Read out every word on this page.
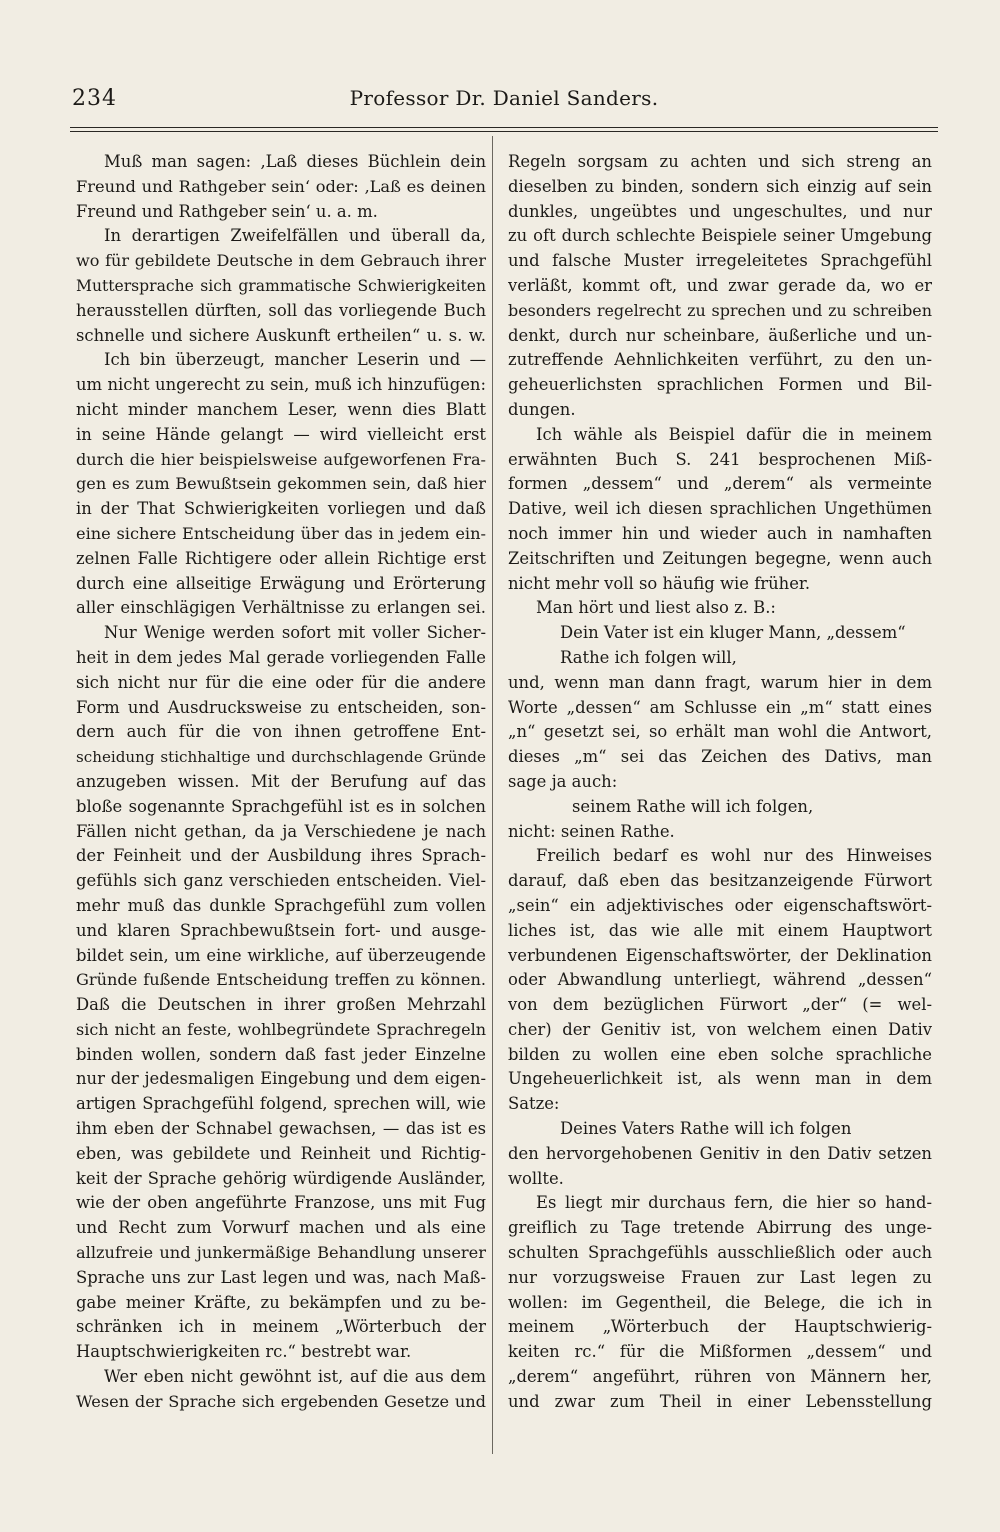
234	Professor Dr. Daniel Sanders.
Muß man sagen: ‚Laß dieses Büchlein dein
Freund und Rathgeber sein‘ oder: ‚Laß es deinen
Freund und Rathgeber sein‘ u. a. m.
In derartigen Zweifelfällen und überall da,
wo für gebildete Deutsche in dem Gebrauch ihrer
Muttersprache sich grammatische Schwierigkeiten
herausstellen dürften, soll das vorliegende Buch
schnelle und sichere Auskunft ertheilen“ u. s. w.
Ich bin überzeugt, mancher Leserin und —
um nicht ungerecht zu sein, muß ich hinzufügen:
nicht minder manchem Leser, wenn dies Blatt
in seine Hände gelangt — wird vielleicht erst
durch die hier beispielsweise aufgeworfenen Fra-
gen es zum Bewußtsein gekommen sein, daß hier
in der That Schwierigkeiten vorliegen und daß
eine sichere Entscheidung über das in jedem ein-
zelnen Falle Richtigere oder allein Richtige erst
durch eine allseitige Erwägung und Erörterung
aller einschlägigen Verhältnisse zu erlangen sei.
Nur Wenige werden sofort mit voller Sicher-
heit in dem jedes Mal gerade vorliegenden Falle
sich nicht nur für die eine oder für die andere
Form und Ausdrucksweise zu entscheiden, son-
dern auch für die von ihnen getroffene Ent-
scheidung stichhaltige und durchschlagende Gründe
anzugeben wissen. Mit der Berufung auf das
bloße sogenannte Sprachgefühl ist es in solchen
Fällen nicht gethan, da ja Verschiedene je nach
der Feinheit und der Ausbildung ihres Sprach-
gefühls sich ganz verschieden entscheiden. Viel-
mehr muß das dunkle Sprachgefühl zum vollen
und klaren Sprachbewußtsein fort- und ausge-
bildet sein, um eine wirkliche, auf überzeugende
Gründe fußende Entscheidung treffen zu können.
Daß die Deutschen in ihrer großen Mehrzahl
sich nicht an feste, wohlbegründete Sprachregeln
binden wollen, sondern daß fast jeder Einzelne
nur der jedesmaligen Eingebung und dem eigen-
artigen Sprachgefühl folgend, sprechen will, wie
ihm eben der Schnabel gewachsen, — das ist es
eben, was gebildete und Reinheit und Richtig-
keit der Sprache gehörig würdigende Ausländer,
wie der oben angeführte Franzose, uns mit Fug
und Recht zum Vorwurf machen und als eine
allzufreie und junkermäßige Behandlung unserer
Sprache uns zur Last legen und was, nach Maß-
gabe meiner Kräfte, zu bekämpfen und zu be-
schränken ich in meinem „Wörterbuch der
Hauptschwierigkeiten rc.“ bestrebt war.
Wer eben nicht gewöhnt ist, auf die aus dem
Wesen der Sprache sich ergebenden Gesetze und
Regeln sorgsam zu achten und sich streng an
dieselben zu binden, sondern sich einzig auf sein
dunkles, ungeübtes und ungeschultes, und nur
zu oft durch schlechte Beispiele seiner Umgebung
und falsche Muster irregeleitetes Sprachgefühl
verläßt, kommt oft, und zwar gerade da, wo er
besonders regelrecht zu sprechen und zu schreiben
denkt, durch nur scheinbare, äußerliche und un-
zutreffende Aehnlichkeiten verführt, zu den un-
geheuerlichsten sprachlichen Formen und Bil-
dungen.
Ich wähle als Beispiel dafür die in meinem
erwähnten Buch S. 241 besprochenen Miß-
formen „dessem“ und „derem“ als vermeinte
Dative, weil ich diesen sprachlichen Ungethümen
noch immer hin und wieder auch in namhaften
Zeitschriften und Zeitungen begegne, wenn auch
nicht mehr voll so häufig wie früher.
Man hört und liest also z. B.:
Dein Vater ist ein kluger Mann, „dessem“
Rathe ich folgen will,
und, wenn man dann fragt, warum hier in dem
Worte „dessen“ am Schlusse ein „m“ statt eines
„n“ gesetzt sei, so erhält man wohl die Antwort,
dieses „m“ sei das Zeichen des Dativs, man
sage ja auch:
seinem Rathe will ich folgen,
nicht: seinen Rathe.
Freilich bedarf es wohl nur des Hinweises
darauf, daß eben das besitzanzeigende Fürwort
„sein“ ein adjektivisches oder eigenschaftswört-
liches ist, das wie alle mit einem Hauptwort
verbundenen Eigenschaftswörter, der Deklination
oder Abwandlung unterliegt, während „dessen“
von dem bezüglichen Fürwort „der“ (= wel-
cher) der Genitiv ist, von welchem einen Dativ
bilden zu wollen eine eben solche sprachliche
Ungeheuerlichkeit ist, als wenn man in dem
Satze:
Deines Vaters Rathe will ich folgen
den hervorgehobenen Genitiv in den Dativ setzen
wollte.
Es liegt mir durchaus fern, die hier so hand-
greiflich zu Tage tretende Abirrung des unge-
schulten Sprachgefühls ausschließlich oder auch
nur vorzugsweise Frauen zur Last legen zu
wollen: im Gegentheil, die Belege, die ich in
meinem „Wörterbuch der Hauptschwierig-
keiten rc.“ für die Mißformen „dessem“ und
„derem“ angeführt, rühren von Männern her,
und zwar zum Theil in einer Lebensstellung
